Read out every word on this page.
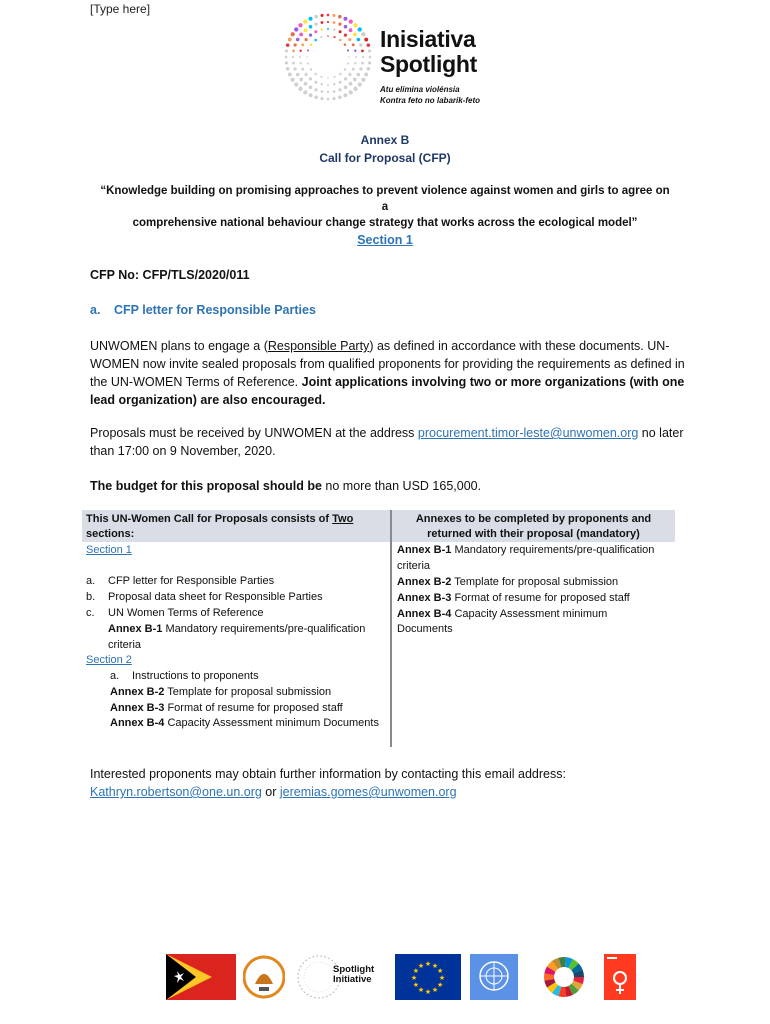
[Type here]
Inisiativa
Spotlight
Atu elimina violénsia
Kontra feto no labarik-feto
Annex B
Call for Proposal (CFP)
“Knowledge building on promising approaches to prevent violence against women and girls to agree on a
comprehensive national behaviour change strategy that works across the ecological model”
Section 1
CFP No: CFP/TLS/2020/011
a. CFP letter for Responsible Parties
UNWOMEN plans to engage a (Responsible Party) as defined in accordance with these documents. UN-WOMEN now invite sealed proposals from qualified proponents for providing the requirements as defined in the UN-WOMEN Terms of Reference. Joint applications involving two or more organizations (with one lead organization) are also encouraged.
Proposals must be received by UNWOMEN at the address procurement.timor-leste@unwomen.org no later than 17:00 on 9 November, 2020.
The budget for this proposal should be no more than USD 165,000.
This UN-Women Call for Proposals consists of Two
sections:
Annexes to be completed by proponents and
returned with their proposal (mandatory)
Section 1
a. CFP letter for Responsible Parties
b. Proposal data sheet for Responsible Parties
c. UN Women Terms of Reference
Annex B-1 Mandatory requirements/pre-qualification
criteria
Section 2
a. Instructions to proponents
Annex B-2 Template for proposal submission
Annex B-3 Format of resume for proposed staff
Annex B-4 Capacity Assessment minimum Documents
Annex B-1 Mandatory requirements/pre-qualification
criteria
Annex B-2 Template for proposal submission
Annex B-3 Format of resume for proposed staff
Annex B-4 Capacity Assessment minimum
Documents
Interested proponents may obtain further information by contacting this email address:
Kathryn.robertson@one.un.org or jeremias.gomes@unwomen.org
Spotlight
Initiative	★
★
★
★
★
★
★
★
★ ★ ★
★
